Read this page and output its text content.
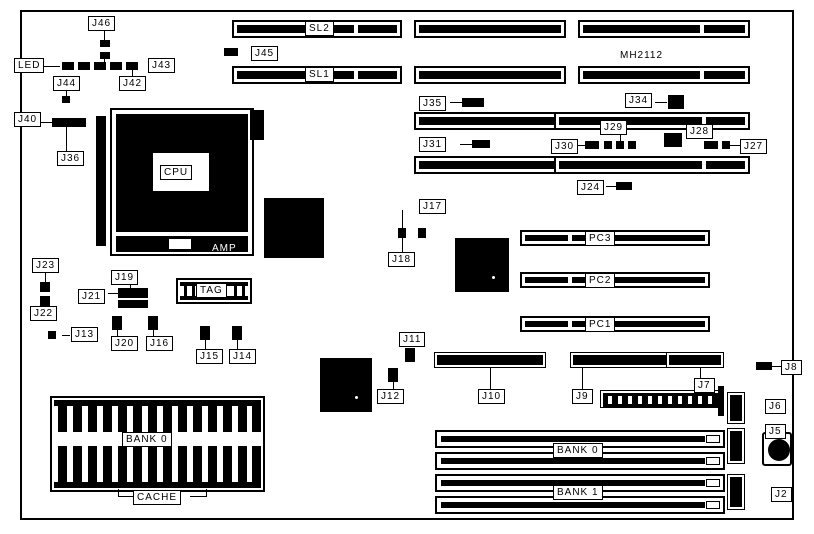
SL2
SL1
MH2112
PC3
PC2
PC1
CPU
AMP
TAG
BANK 0
CACHE
BANK 0
BANK 1
J46
J45
J43
J44	J42
J40
J36
J35	J34
J31	J30
J29	J28
J27
J24
J17
J18
J23
J19
J21
J22
J13
J20	J16
J15	J14
J11
J12	J10	J9
J8
J7
J6
J5
J2
LED
